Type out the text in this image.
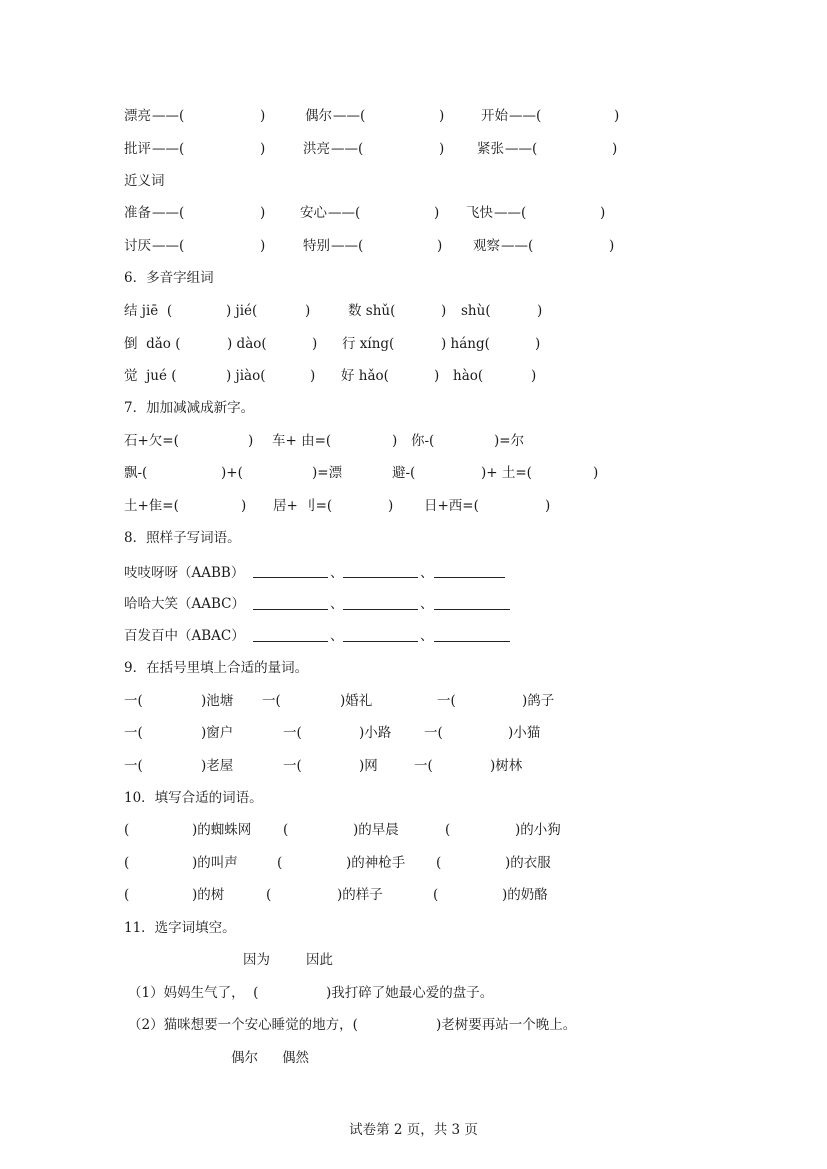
漂亮 ——(	)	偶尔 ——(	)	开始 ——(	)
批评 ——(	)	洪亮 ——(	) 紧张 ——(	)
近义词
准备 ——(	)	安心 ——(	) 飞快 ——(	)
讨厌 ——(	)	特别 ——(	) 观察 ——(	)
6．多音字组词
结 jiē  (	) jié(	)	数 shǔ(	) shù(	)
倒  dǎo (	) dào(	) 行 xíng(	) háng(	)
觉  jué (	) jiào(	) 好 hǎo(	) hào(	)
7．加加减减成新字。
石+欠=(	) 车+ 由=(	) 你-(	)=尔
飘-(	)+(	)=漂	避-(	)+ 土=(	)
土+隹=(	) 居+ 刂=(	) 日+西=(	)
8．照样子写词语。
吱吱呀呀（AABB）	、	、
哈哈大笑（AABC）	、	、
百发百中（ABAC）	、	、
9．在括号里填上合适的量词。
一(	)池塘 一(	)婚礼	一(	)鸽子
一(	)窗户	一(	)小路 一(	)小猫
一(	)老屋	一(	)网	一(	)树林
10．填写合适的词语。
(	)的蜘蛛网 (	)的早晨	(	)的小狗
(	)的叫声	(	)的神枪手 (	)的衣服
(	)的树	(	)的样子	(	)的奶酪
11．选字词填空。
因为	因此
（1）妈妈生气了，  (	)我打碎了她最心爱的盘子。
（2）猫咪想要一个安心睡觉的地方，(	)老树要再站一个晚上。
偶尔 偶然
试卷第 2 页，共 3 页
